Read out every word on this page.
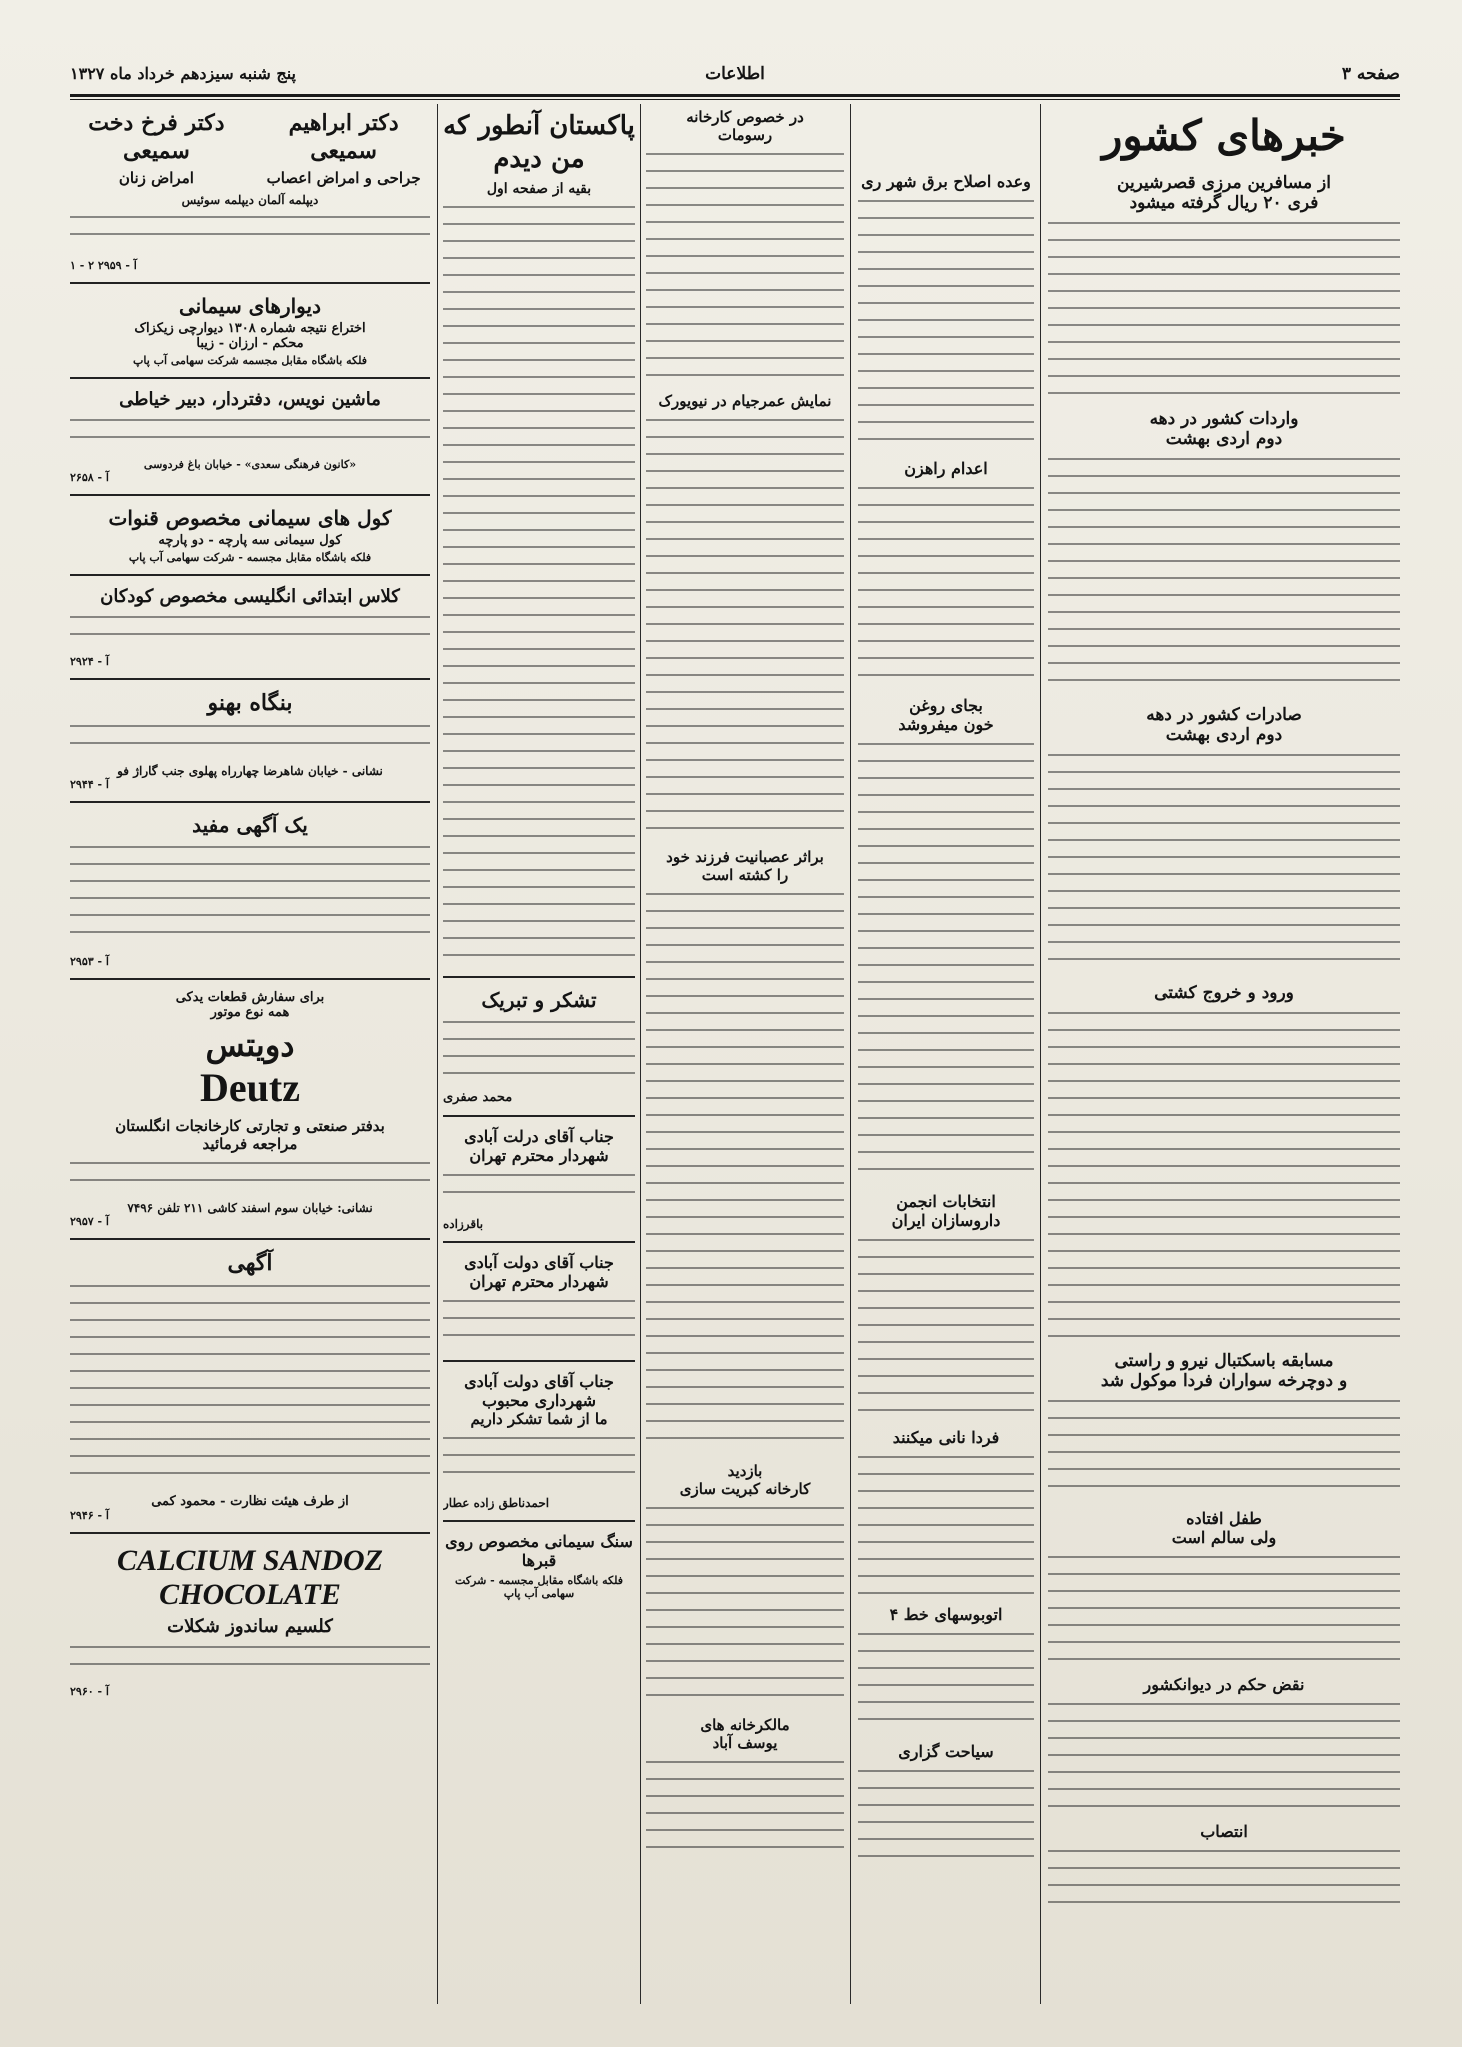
صفحه ۳
اطلاعات
پنج شنبه سیزدهم خرداد ماه ۱۳۲۷
خبرهای کشور
از مسافرین مرزی قصرشیرین
فری ۲۰ ریال گرفته میشود
واردات کشور در دهه
دوم اردی بهشت
صادرات کشور در دهه
دوم اردی بهشت
ورود و خروج کشتی
مسابقه باسکتبال نیرو و راستی
و دوچرخه سواران فردا موکول شد
طفل افتاده
ولی سالم است
نقض حکم در دیوانکشور
انتصاب
وعده اصلاح برق شهر ری
اعدام راهزن
بجای روغن
خون میفروشد
انتخابات انجمن
داروسازان ایران
فردا نانی میکنند
اتوبوسهای خط ۴
سیاحت گزاری
در خصوص کارخانه
رسومات
نمایش عمرجیام در نیویورک
براثر عصبانیت فرزند خود
را کشته است
بازدید
کارخانه کبریت سازی
مالکرخانه های
یوسف آباد
پاکستان آنطور که من دیدم
بقیه از صفحه اول
تشکر و تبریک
محمد صفری
جناب آقای درلت آبادی شهردار محترم تهران
باقرزاده
جناب آقای دولت آبادی شهردار محترم تهران
جناب آقای دولت آبادی شهرداری محبوب
ما از شما تشکر داریم
احمدناطق زاده عطار
سنگ سیمانی مخصوص روی قبرها
فلکه باشگاه مقابل مجسمه - شرکت سهامی آب پاپ
دکتر ابراهیم سمیعی
جراحی و امراض اعصاب
دکتر فرخ دخت سمیعی
امراض زنان
دیپلمه آلمان دیپلمه سوئیس
آ - ۲۹۵۹ ۲ - ۱
دیوارهای سیمانی
اختراع نتیجه شماره ۱۳۰۸ دیوارچی زیکزاک
محکم - ارزان - زیبا
فلکه باشگاه مقابل مجسمه شرکت سهامی آب پاپ
ماشین نویس، دفتردار، دبیر خیاطی
«کانون فرهنگی سعدی» - خیابان باغ فردوسی
آ - ۲۶۵۸
کول های سیمانی مخصوص قنوات
کول سیمانی سه پارچه - دو پارچه
فلکه باشگاه مقابل مجسمه - شرکت سهامی آب پاپ
کلاس ابتدائی انگلیسی مخصوص کودکان
آ - ۲۹۲۴
بنگاه بهنو
نشانی - خیابان شاهرضا چهارراه پهلوی جنب گاراژ فو
آ - ۲۹۴۴
یک آگهی مفید
آ - ۲۹۵۳
برای سفارش قطعات یدکی
همه نوع موتور
دویتس
Deutz
بدفتر صنعتی و تجارتی کارخانجات انگلستان
مراجعه فرمائید
نشانی: خیابان سوم اسفند کاشی ۲۱۱ تلفن ۷۴۹۶
آ - ۲۹۵۷
آگهی
از طرف هیئت نظارت - محمود کمی
آ - ۲۹۴۶
CALCIUM SANDOZ
CHOCOLATE
کلسیم ساندوز شکلات
آ - ۲۹۶۰
